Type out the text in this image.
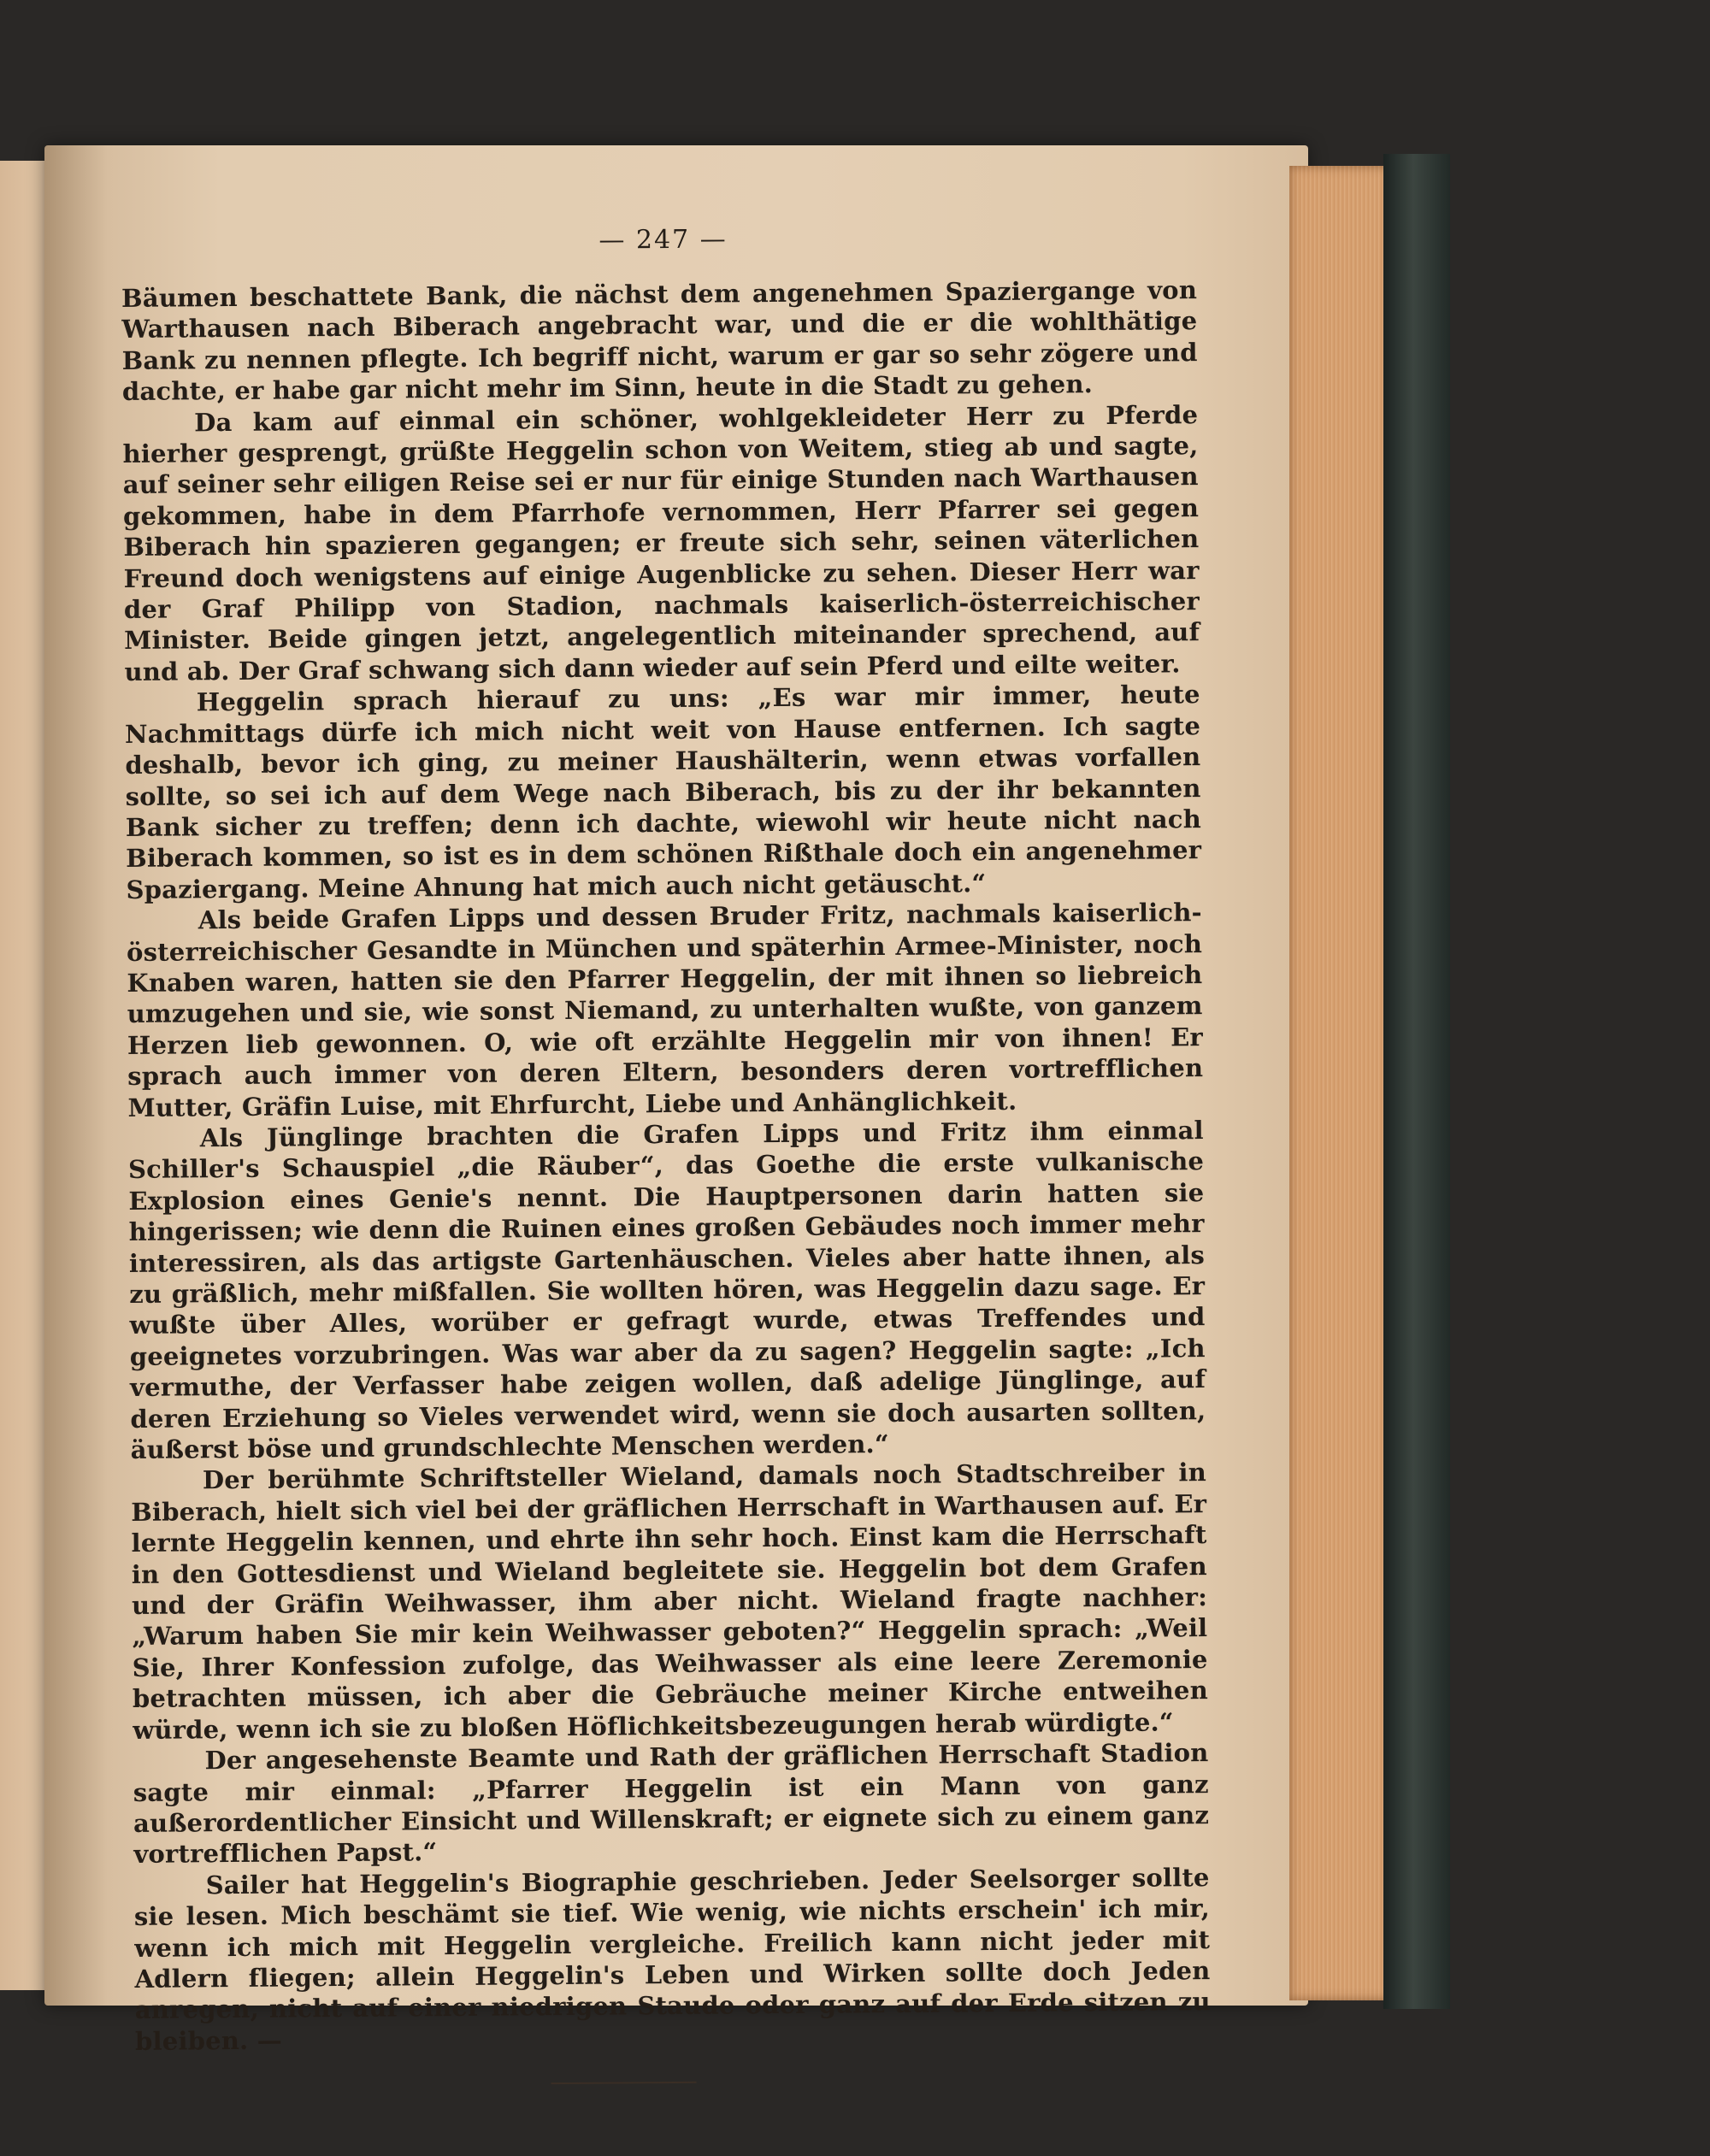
— 247 —

Bäumen beschattete Bank, die nächst dem angenehmen Spaziergange von Warthausen nach Biberach angebracht war, und die er die wohlthätige Bank zu nennen pflegte. Ich begriff nicht, warum er gar so sehr zögere und dachte, er habe gar nicht mehr im Sinn, heute in die Stadt zu gehen.

Da kam auf einmal ein schöner, wohlgekleideter Herr zu Pferde hierher gesprengt, grüßte Heggelin schon von Weitem, stieg ab und sagte, auf seiner sehr eiligen Reise sei er nur für einige Stunden nach Warthausen gekommen, habe in dem Pfarrhofe vernommen, Herr Pfarrer sei gegen Biberach hin spazieren gegangen; er freute sich sehr, seinen väterlichen Freund doch wenigstens auf einige Augenblicke zu sehen. Dieser Herr war der Graf Philipp von Stadion, nachmals kaiserlich-österreichischer Minister. Beide gingen jetzt, angelegentlich miteinander sprechend, auf und ab. Der Graf schwang sich dann wieder auf sein Pferd und eilte weiter.

Heggelin sprach hierauf zu uns: „Es war mir immer, heute Nachmittags dürfe ich mich nicht weit von Hause entfernen. Ich sagte deshalb, bevor ich ging, zu meiner Haushälterin, wenn etwas vorfallen sollte, so sei ich auf dem Wege nach Biberach, bis zu der ihr bekannten Bank sicher zu treffen; denn ich dachte, wiewohl wir heute nicht nach Biberach kommen, so ist es in dem schönen Rißthale doch ein angenehmer Spaziergang. Meine Ahnung hat mich auch nicht getäuscht.“

Als beide Grafen Lipps und dessen Bruder Fritz, nachmals kaiserlich-österreichischer Gesandte in München und späterhin Armee-Minister, noch Knaben waren, hatten sie den Pfarrer Heggelin, der mit ihnen so liebreich umzugehen und sie, wie sonst Niemand, zu unterhalten wußte, von ganzem Herzen lieb gewonnen. O, wie oft erzählte Heggelin mir von ihnen! Er sprach auch immer von deren Eltern, besonders deren vortrefflichen Mutter, Gräfin Luise, mit Ehrfurcht, Liebe und Anhänglichkeit.

Als Jünglinge brachten die Grafen Lipps und Fritz ihm einmal Schiller's Schauspiel „die Räuber“, das Goethe die erste vulkanische Explosion eines Genie's nennt. Die Hauptpersonen darin hatten sie hingerissen; wie denn die Ruinen eines großen Gebäudes noch immer mehr interessiren, als das artigste Gartenhäuschen. Vieles aber hatte ihnen, als zu gräßlich, mehr mißfallen. Sie wollten hören, was Heggelin dazu sage. Er wußte über Alles, worüber er gefragt wurde, etwas Treffendes und geeignetes vorzubringen. Was war aber da zu sagen? Heggelin sagte: „Ich vermuthe, der Verfasser habe zeigen wollen, daß adelige Jünglinge, auf deren Erziehung so Vieles verwendet wird, wenn sie doch ausarten sollten, äußerst böse und grundschlechte Menschen werden.“

Der berühmte Schriftsteller Wieland, damals noch Stadtschreiber in Biberach, hielt sich viel bei der gräflichen Herrschaft in Warthausen auf. Er lernte Heggelin kennen, und ehrte ihn sehr hoch. Einst kam die Herrschaft in den Gottesdienst und Wieland begleitete sie. Heggelin bot dem Grafen und der Gräfin Weihwasser, ihm aber nicht. Wieland fragte nachher: „Warum haben Sie mir kein Weihwasser geboten?“ Heggelin sprach: „Weil Sie, Ihrer Konfession zufolge, das Weihwasser als eine leere Zeremonie betrachten müssen, ich aber die Gebräuche meiner Kirche entweihen würde, wenn ich sie zu bloßen Höflichkeitsbezeugungen herab würdigte.“

Der angesehenste Beamte und Rath der gräflichen Herrschaft Stadion sagte mir einmal: „Pfarrer Heggelin ist ein Mann von ganz außerordentlicher Einsicht und Willenskraft; er eignete sich zu einem ganz vortrefflichen Papst.“

Sailer hat Heggelin's Biographie geschrieben. Jeder Seelsorger sollte sie lesen. Mich beschämt sie tief. Wie wenig, wie nichts erschein' ich mir, wenn ich mich mit Heggelin vergleiche. Freilich kann nicht jeder mit Adlern fliegen; allein Heggelin's Leben und Wirken sollte doch Jeden anregen, nicht auf einer niedrigen Staude oder ganz auf der Erde sitzen zu bleiben. —
